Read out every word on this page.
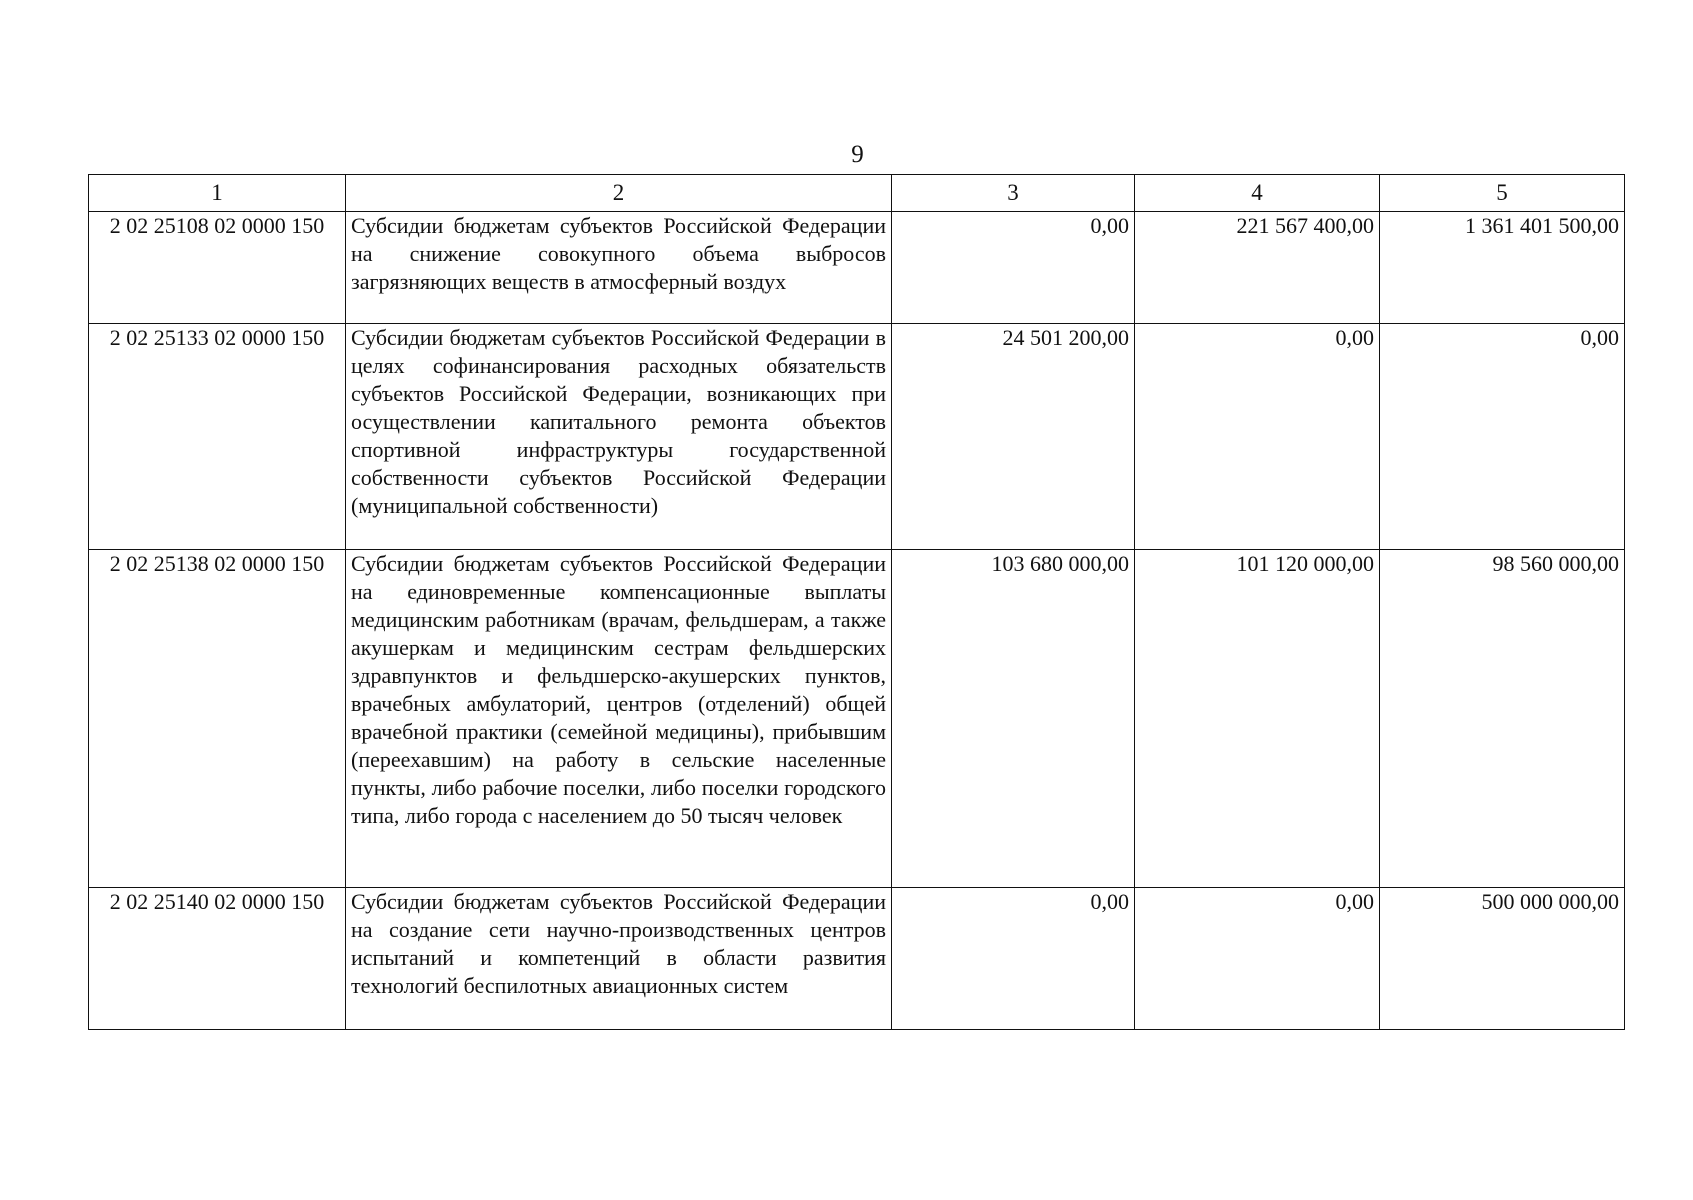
9
1	2	3	4	5
2 02 25108 02 0000 150	Субсидии бюджетам субъектов Российской Федерации на снижение совокупного объема выбросов загрязняющих веществ в атмосферный воздух	0,00	221 567 400,00	1 361 401 500,00
2 02 25133 02 0000 150	Субсидии бюджетам субъектов Российской Федерации в целях софинансирования расходных обязательств субъектов Российской Федерации, возникающих при осуществлении капитального ремонта объектов спортивной инфраструктуры государственной собственности субъектов Российской Федерации (муниципальной собственности)	24 501 200,00	0,00	0,00
2 02 25138 02 0000 150	Субсидии бюджетам субъектов Российской Федерации на единовременные компенсационные выплаты медицинским работникам (врачам, фельдшерам, а также акушеркам и медицинским сестрам фельдшерских здравпунктов и фельдшерско-акушерских пунктов, врачебных амбулаторий, центров (отделений) общей врачебной практики (семейной медицины), прибывшим (переехавшим) на работу в сельские населенные пункты, либо рабочие поселки, либо поселки городского типа, либо города с населением до 50 тысяч человек	103 680 000,00	101 120 000,00	98 560 000,00
2 02 25140 02 0000 150	Субсидии бюджетам субъектов Российской Федерации на создание сети научно-производственных центров испытаний и компетенций в области развития технологий беспилотных авиационных систем	0,00	0,00	500 000 000,00
